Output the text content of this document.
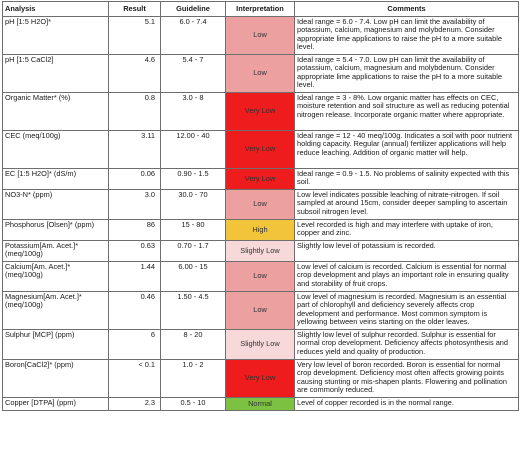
Analysis	Result	Guideline	Interpretation	Comments
pH [1:5 H2O]*	5.1	6.0 - 7.4	Low	Ideal range = 6.0 - 7.4. Low pH can limit the availability of potassium, calcium, magnesium and molybdenum. Consider appropriate lime applications to raise the pH to a more suitable level.
pH [1:5 CaCl2]	4.6	5.4 - 7	Low	Ideal range = 5.4 - 7.0. Low pH can limit the availability of potassium, calcium, magnesium and molybdenum. Consider appropriate lime applications to raise the pH to a more suitable level.
Organic Matter* (%)	0.8	3.0 - 8	Very Low	Ideal range = 3 - 8%. Low organic matter has effects on CEC, moisture retention and soil structure as well as reducing potential nitrogen release. Incorporate organic matter where appropriate.
CEC (meq/100g)	3.11	12.00 - 40	Very Low	Ideal range = 12 - 40 meq/100g. Indicates a soil with poor nutrient holding capacity. Regular (annual) fertilizer applications will help reduce leaching. Addition of organic matter will help.
EC [1:5 H2O]* (dS/m)	0.06	0.90 - 1.5	Very Low	Ideal range = 0.9 - 1.5. No problems of salinity expected with this soil.
NO3-N* (ppm)	3.0	30.0 - 70	Low	Low level indicates possible leaching of nitrate-nitrogen. If soil sampled at around 15cm, consider deeper sampling to ascertain subsoil nitrogen level.
Phosphorus [Olsen]* (ppm)	86	15 - 80	High	Level recorded is high and may interfere with uptake of iron, copper and zinc.
Potassium[Am. Acet.]* (meq/100g)	0.63	0.70 - 1.7	Slightly Low	Slightly low level of potassium is recorded.
Calcium[Am. Acet.]* (meq/100g)	1.44	6.00 - 15	Low	Low level of calcium is recorded. Calcium is essential for normal crop development and plays an important role in ensuring quality and storability of fruit crops.
Magnesium[Am. Acet.]* (meq/100g)	0.46	1.50 - 4.5	Low	Low level of magnesium is recorded. Magnesium is an essential part of chlorophyll and deficiency severely affects crop development and performance. Most common symptom is yellowing between veins starting on the older leaves.
Sulphur [MCP] (ppm)	6	8 - 20	Slightly Low	Slightly low level of sulphur recorded. Sulphur is essential for normal crop development. Deficiency affects photosynthesis and reduces yield and quality of production.
Boron[CaCl2]* (ppm)	< 0.1	1.0 - 2	Very Low	Very low level of boron recorded. Boron is essential for normal crop development. Deficiency most often affects growing points causing stunting or mis-shapen plants. Flowering and pollination are commonly reduced.
Copper [DTPA] (ppm)	2.3	0.5 - 10	Normal	Level of copper recorded is in the normal range.
